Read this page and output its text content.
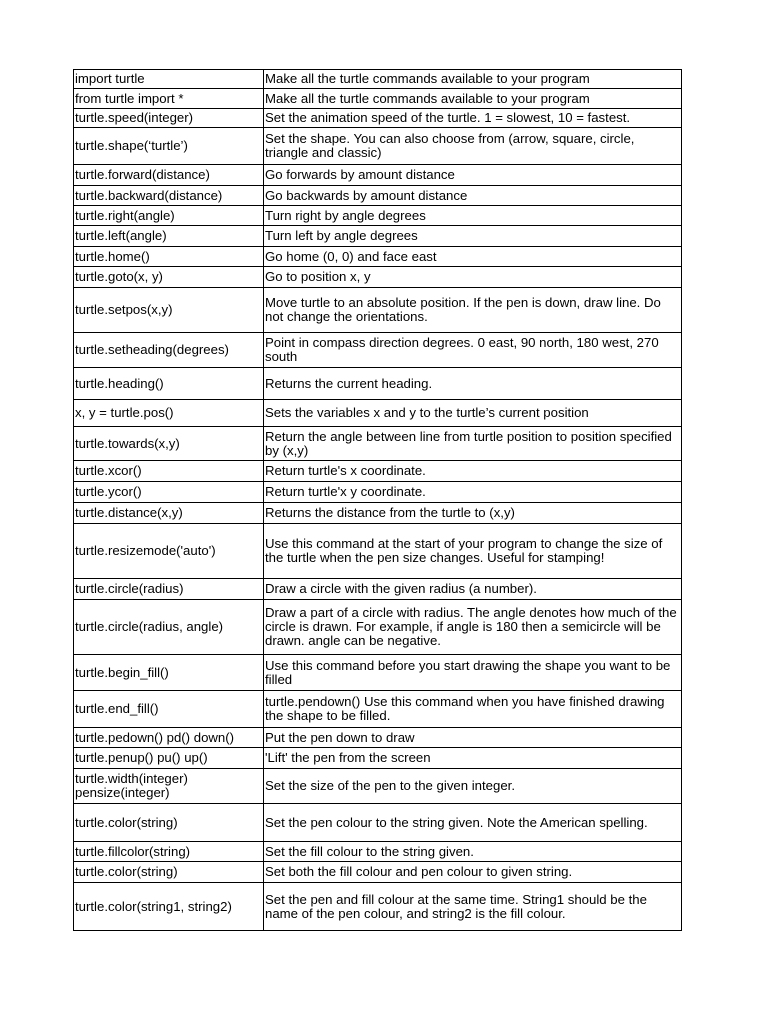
import turtle	Make all the turtle commands available to your program
from turtle import *	Make all the turtle commands available to your program
turtle.speed(integer)	Set the animation speed of the turtle. 1 = slowest, 10 = fastest.
turtle.shape(‘turtle’)	Set the shape. You can also choose from (arrow, square, circle, triangle and classic)
turtle.forward(distance)	Go forwards by amount distance
turtle.backward(distance)	Go backwards by amount distance
turtle.right(angle)	Turn right by angle degrees
turtle.left(angle)	Turn left by angle degrees
turtle.home()	Go home (0, 0) and face east
turtle.goto(x, y)	Go to position x, y
turtle.setpos(x,y)	Move turtle to an absolute position. If the pen is down, draw line. Do not change the orientations.
turtle.setheading(degrees)	Point in compass direction degrees. 0 east, 90 north, 180 west, 270 south
turtle.heading()	Returns the current heading.
x, y = turtle.pos()	Sets the variables x and y to the turtle’s current position
turtle.towards(x,y)	Return the angle between line from turtle position to position specified by (x,y)
turtle.xcor()	Return turtle's x coordinate.
turtle.ycor()	Return turtle'x y coordinate.
turtle.distance(x,y)	Returns the distance from the turtle to (x,y)
turtle.resizemode('auto')	Use this command at the start of your program to change the size of the turtle when the pen size changes. Useful for stamping!
turtle.circle(radius)	Draw a circle with the given radius (a number).
turtle.circle(radius, angle)	Draw a part of a circle with radius. The angle denotes how much of the circle is drawn. For example, if angle is 180 then a semicircle will be drawn. angle can be negative.
turtle.begin_fill()	Use this command before you start drawing the shape you want to be filled
turtle.end_fill()	turtle.pendown() Use this command when you have finished drawing the shape to be filled.
turtle.pedown() pd() down()	Put the pen down to draw
turtle.penup() pu() up()	'Lift' the pen from the screen
turtle.width(integer) pensize(integer)	Set the size of the pen to the given integer.
turtle.color(string)	Set the pen colour to the string given. Note the American spelling.
turtle.fillcolor(string)	Set the fill colour to the string given.
turtle.color(string)	Set both the fill colour and pen colour to given string.
turtle.color(string1, string2)	Set the pen and fill colour at the same time. String1 should be the name of the pen colour, and string2 is the fill colour.
